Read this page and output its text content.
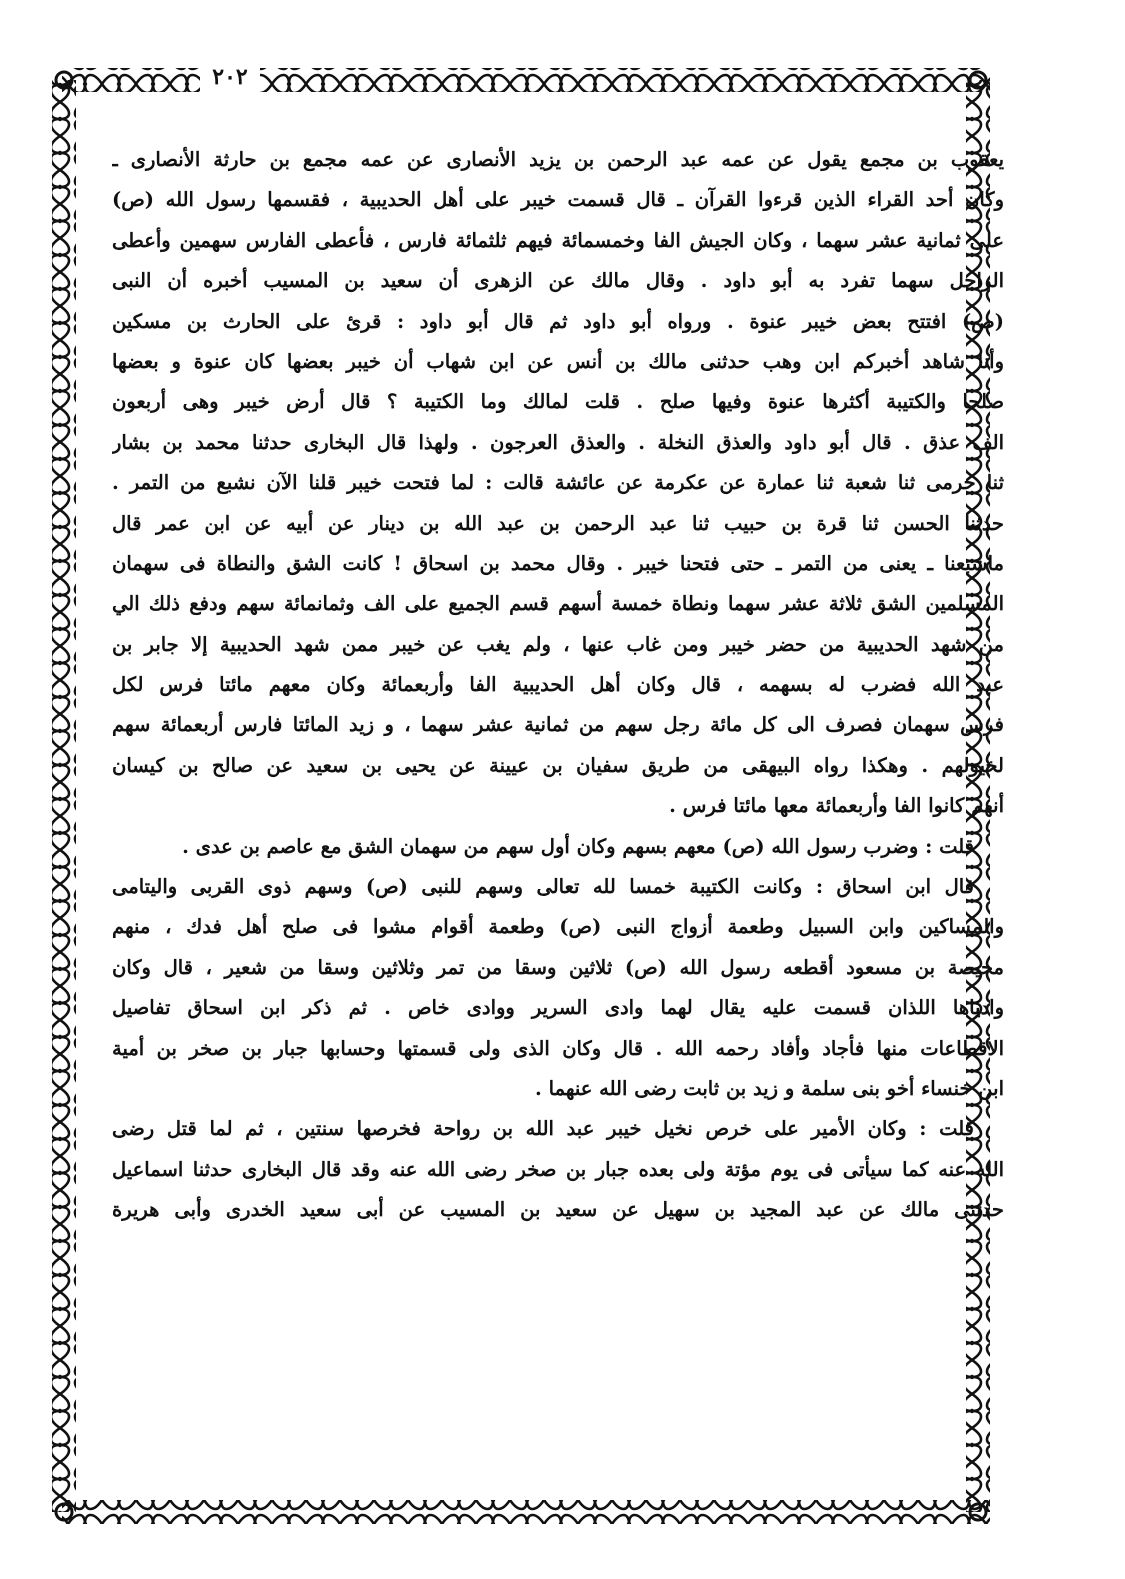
٢٠٢
يعقوب بن مجمع يقول عن عمه عبد الرحمن بن يزيد الأنصارى عن عمه مجمع بن حارثة الأنصارى ـ
وكان أحد القراء الذين قرءوا القرآن ـ قال قسمت خيبر على أهل الحديبية ، فقسمها رسول الله (ص)
على ثمانية عشر سهما ، وكان الجيش الفا وخمسمائة فيهم ثلثمائة فارس ، فأعطى الفارس سهمين وأعطى
الراجل سهما تفرد به أبو داود . وقال مالك عن الزهرى أن سعيد بن المسيب أخبره أن النبى
(ص) افتتح بعض خيبر عنوة . ورواه أبو داود ثم قال أبو داود : قرئ على الحارث بن مسكين
وأنا شاهد أخبركم ابن وهب حدثنى مالك بن أنس عن ابن شهاب أن خيبر بعضها كان عنوة و بعضها
صلحا والكتيبة أكثرها عنوة وفيها صلح . قلت لمالك وما الكتيبة ؟ قال أرض خيبر وهى أربعون
الف عذق . قال أبو داود والعذق النخلة . والعذق العرجون . ولهذا قال البخارى حدثنا محمد بن بشار
ثنا حرمى ثنا شعبة ثنا عمارة عن عكرمة عن عائشة قالت : لما فتحت خيبر قلنا الآن نشبع من التمر .
حدثنا الحسن ثنا قرة بن حبيب ثنا عبد الرحمن بن عبد الله بن دينار عن أبيه عن ابن عمر قال
ماشبعنا ـ يعنى من التمر ـ حتى فتحنا خيبر . وقال محمد بن اسحاق ! كانت الشق والنطاة فى سهمان
المسلمين الشق ثلاثة عشر سهما ونطاة خمسة أسهم قسم الجميع على الف وثمانمائة سهم ودفع ذلك الي
من شهد الحديبية من حضر خيبر ومن غاب عنها ، ولم يغب عن خيبر ممن شهد الحديبية إلا جابر بن
عبد الله فضرب له بسهمه ، قال وكان أهل الحديبية الفا وأربعمائة وكان معهم مائتا فرس لكل
فرس سهمان فصرف الى كل مائة رجل سهم من ثمانية عشر سهما ، و زيد المائتا فارس أربعمائة سهم
لخيولهم . وهكذا رواه البيهقى من طريق سفيان بن عيينة عن يحيى بن سعيد عن صالح بن كيسان
أنهم كانوا الفا وأربعمائة معها مائتا فرس .
قلت : وضرب رسول الله (ص) معهم بسهم وكان أول سهم من سهمان الشق مع عاصم بن عدى .
قال ابن اسحاق : وكانت الكتيبة خمسا لله تعالى وسهم للنبى (ص) وسهم ذوى القربى واليتامى
والمساكين وابن السبيل وطعمة أزواج النبى (ص) وطعمة أقوام مشوا فى صلح أهل فدك ، منهم
محيصة بن مسعود أقطعه رسول الله (ص) ثلاثين وسقا من تمر وثلاثين وسقا من شعير ، قال وكان
وادياها اللذان قسمت عليه يقال لهما وادى السرير ووادى خاص . ثم ذكر ابن اسحاق تفاصيل
الاقطاعات منها فأجاد وأفاد رحمه الله . قال وكان الذى ولى قسمتها وحسابها جبار بن صخر بن أمية
ابن خنساء أخو بنى سلمة و زيد بن ثابت رضى الله عنهما .
قلت : وكان الأمير على خرص نخيل خيبر عبد الله بن رواحة فخرصها سنتين ، ثم لما قتل رضى
الله عنه كما سيأتى فى يوم مؤتة ولى بعده جبار بن صخر رضى الله عنه وقد قال البخارى حدثنا اسماعيل
حدثنى مالك عن عبد المجيد بن سهيل عن سعيد بن المسيب عن أبى سعيد الخدرى وأبى هريرة
